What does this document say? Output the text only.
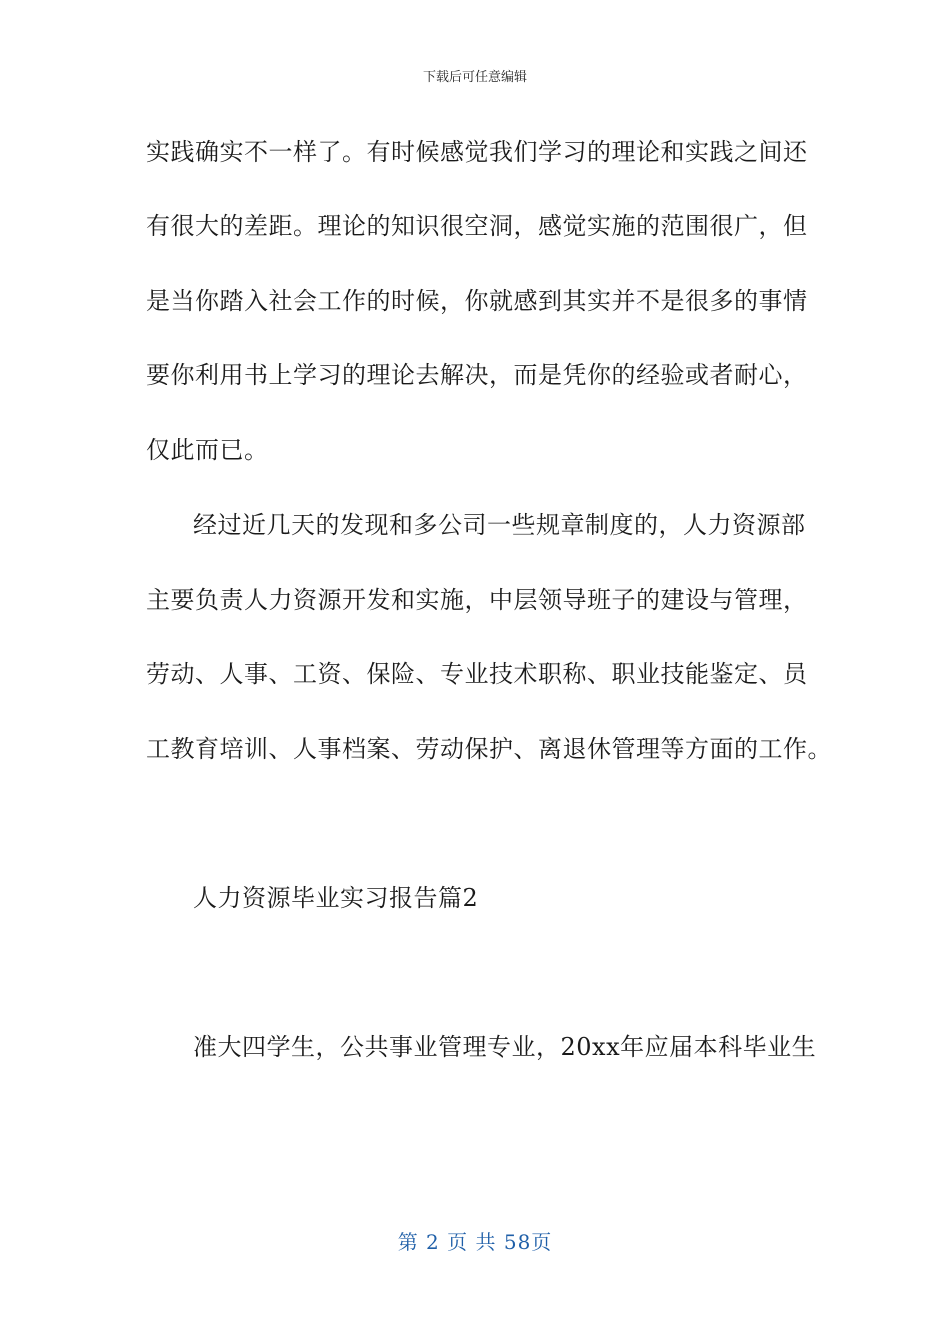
下载后可任意编辑
实践确实不一样了。有时候感觉我们学习的理论和实践之间还
有很大的差距。理论的知识很空洞，感觉实施的范围很广，但
是当你踏入社会工作的时候，你就感到其实并不是很多的事情
要你利用书上学习的理论去解决，而是凭你的经验或者耐心，
仅此而已。
经过近几天的发现和多公司一些规章制度的，人力资源部
主要负责人力资源开发和实施，中层领导班子的建设与管理，
劳动、人事、工资、保险、专业技术职称、职业技能鉴定、员
工教育培训、人事档案、劳动保护、离退休管理等方面的工作。
人力资源毕业实习报告篇2
准大四学生，公共事业管理专业，20xx年应届本科毕业生
第 2 页 共 58页
